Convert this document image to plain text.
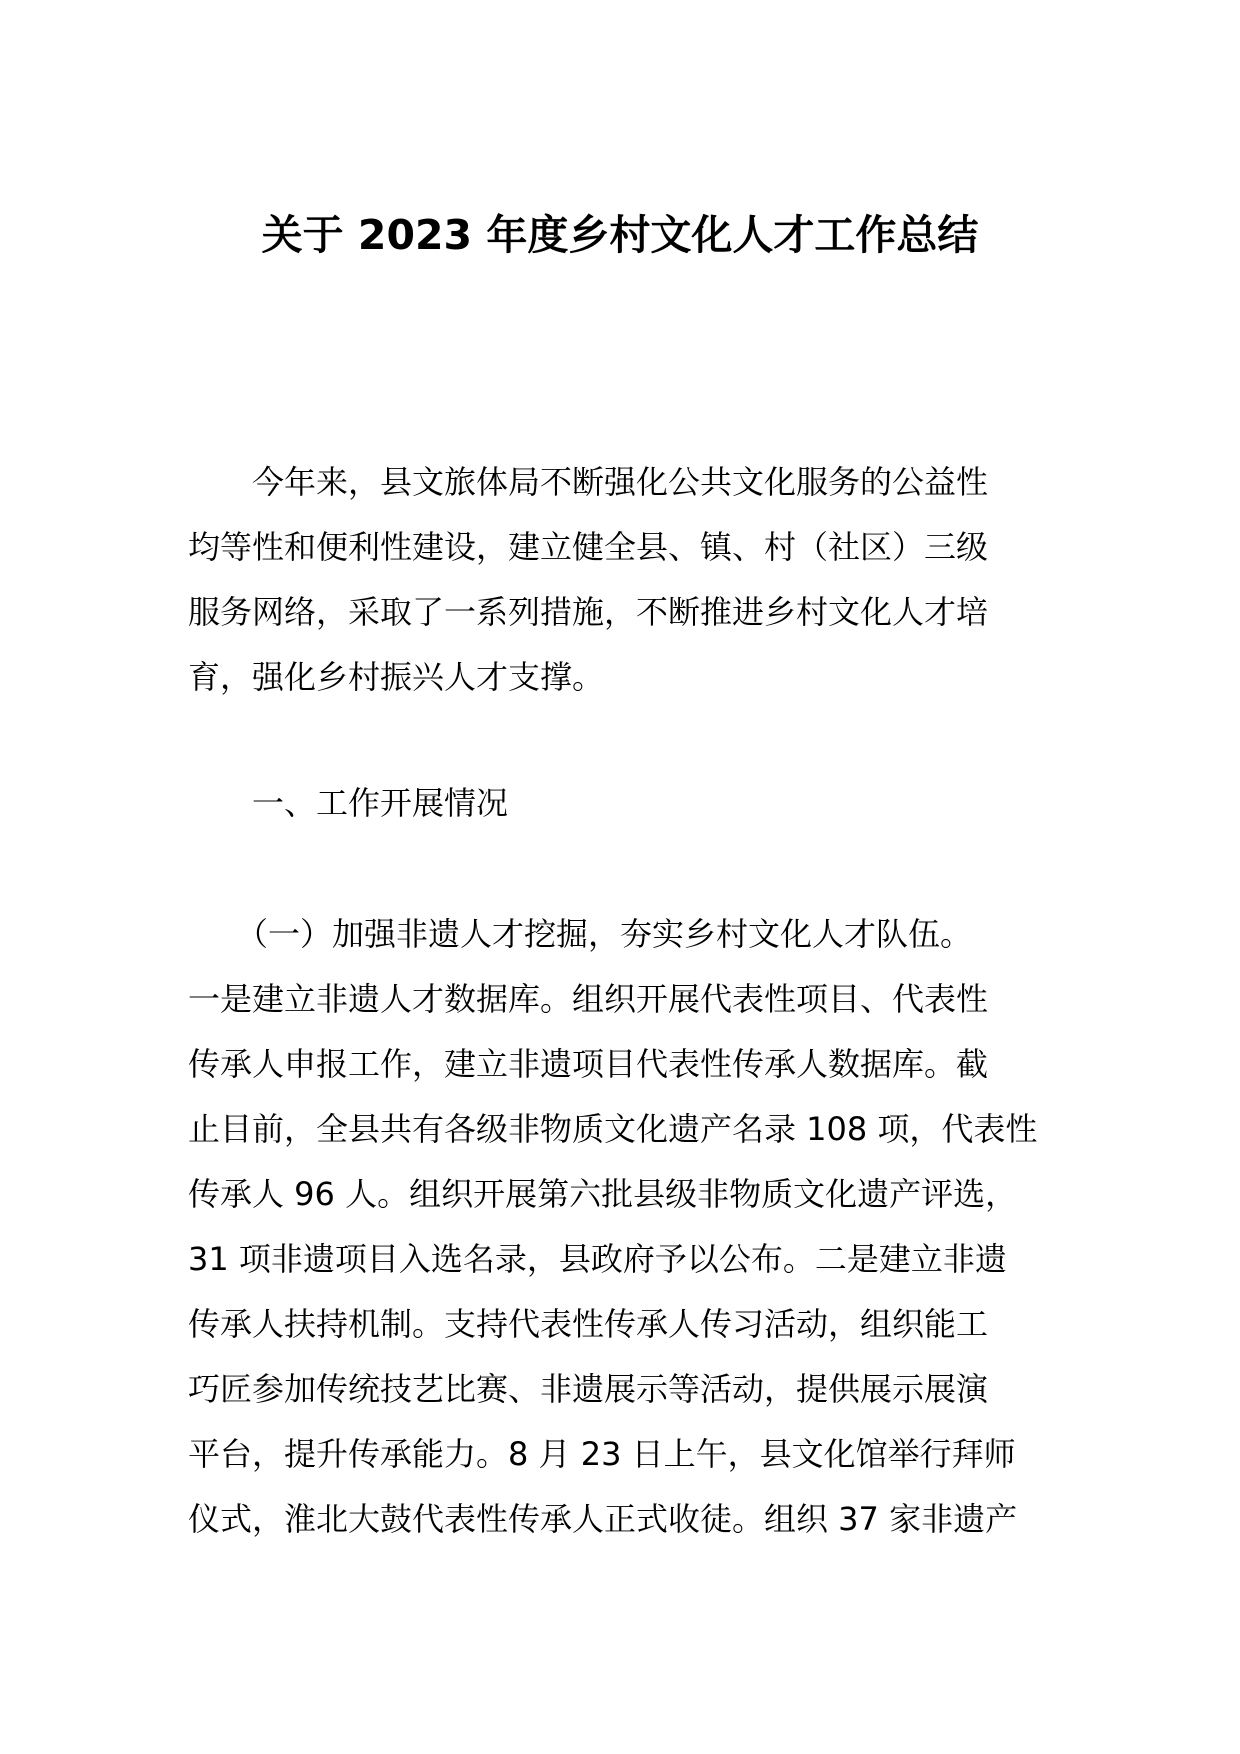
关于 2023 年度乡村文化人才工作总结
　　今年来，县文旅体局不断强化公共文化服务的公益性
均等性和便利性建设，建立健全县、镇、村（社区）三级
服务网络，采取了一系列措施，不断推进乡村文化人才培
育，强化乡村振兴人才支撑。
　　一、工作开展情况
　　（一）加强非遗人才挖掘，夯实乡村文化人才队伍。
一是建立非遗人才数据库。组织开展代表性项目、代表性
传承人申报工作，建立非遗项目代表性传承人数据库。截
止目前，全县共有各级非物质文化遗产名录 108 项，代表性
传承人 96 人。组织开展第六批县级非物质文化遗产评选，
31 项非遗项目入选名录，县政府予以公布。二是建立非遗
传承人扶持机制。支持代表性传承人传习活动，组织能工
巧匠参加传统技艺比赛、非遗展示等活动，提供展示展演
平台，提升传承能力。8 月 23 日上午，县文化馆举行拜师
仪式，淮北大鼓代表性传承人正式收徒。组织 37 家非遗产
